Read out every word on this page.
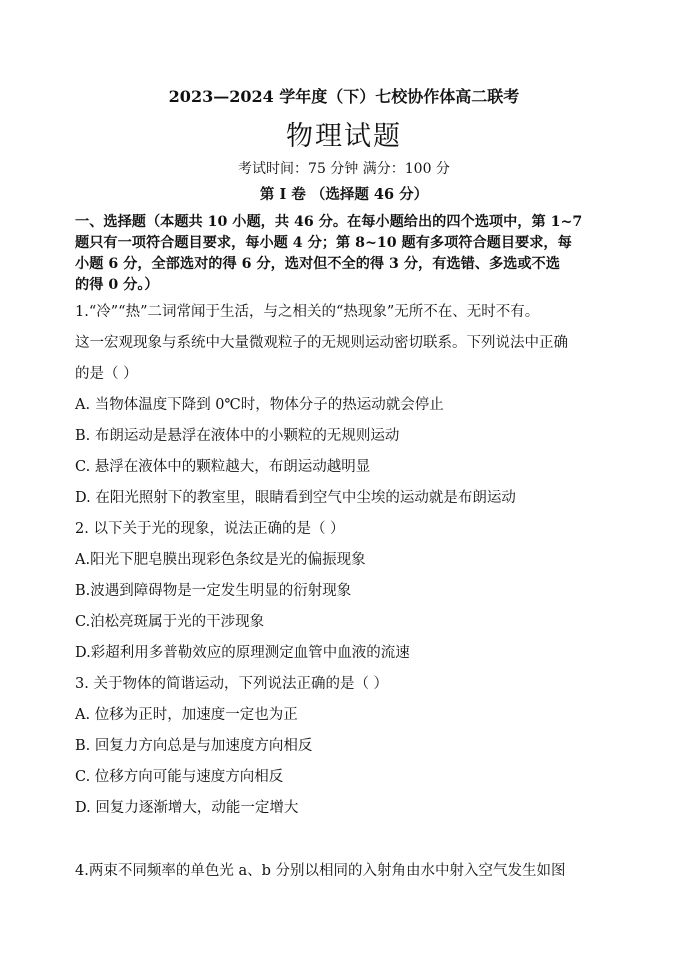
2023—2024 学年度（下）七校协作体高二联考
物理试题
考试时间：75 分钟 满分：100 分
第 I 卷 （选择题 46 分）
一、选择题（本题共 10 小题，共 46 分。在每小题给出的四个选项中，第 1~7
题只有一项符合题目要求，每小题 4 分；第 8~10 题有多项符合题目要求，每
小题 6 分，全部选对的得 6 分，选对但不全的得 3 分，有选错、多选或不选
的得 0 分。）
1.“冷”“热”二词常闻于生活，与之相关的“热现象”无所不在、无时不有。
这一宏观现象与系统中大量微观粒子的无规则运动密切联系。下列说法中正确
的是（ ）
A. 当物体温度下降到 0℃时，物体分子的热运动就会停止
B. 布朗运动是悬浮在液体中的小颗粒的无规则运动
C. 悬浮在液体中的颗粒越大，布朗运动越明显
D. 在阳光照射下的教室里，眼睛看到空气中尘埃的运动就是布朗运动
2. 以下关于光的现象，说法正确的是（ ）
A.阳光下肥皂膜出现彩色条纹是光的偏振现象
B.波遇到障碍物是一定发生明显的衍射现象
C.泊松亮斑属于光的干涉现象
D.彩超利用多普勒效应的原理测定血管中血液的流速
3. 关于物体的简谐运动，下列说法正确的是（ ）
A. 位移为正时，加速度一定也为正
B. 回复力方向总是与加速度方向相反
C. 位移方向可能与速度方向相反
D. 回复力逐渐增大，动能一定增大
4.两束不同频率的单色光 a、b 分别以相同的入射角由水中射入空气发生如图
